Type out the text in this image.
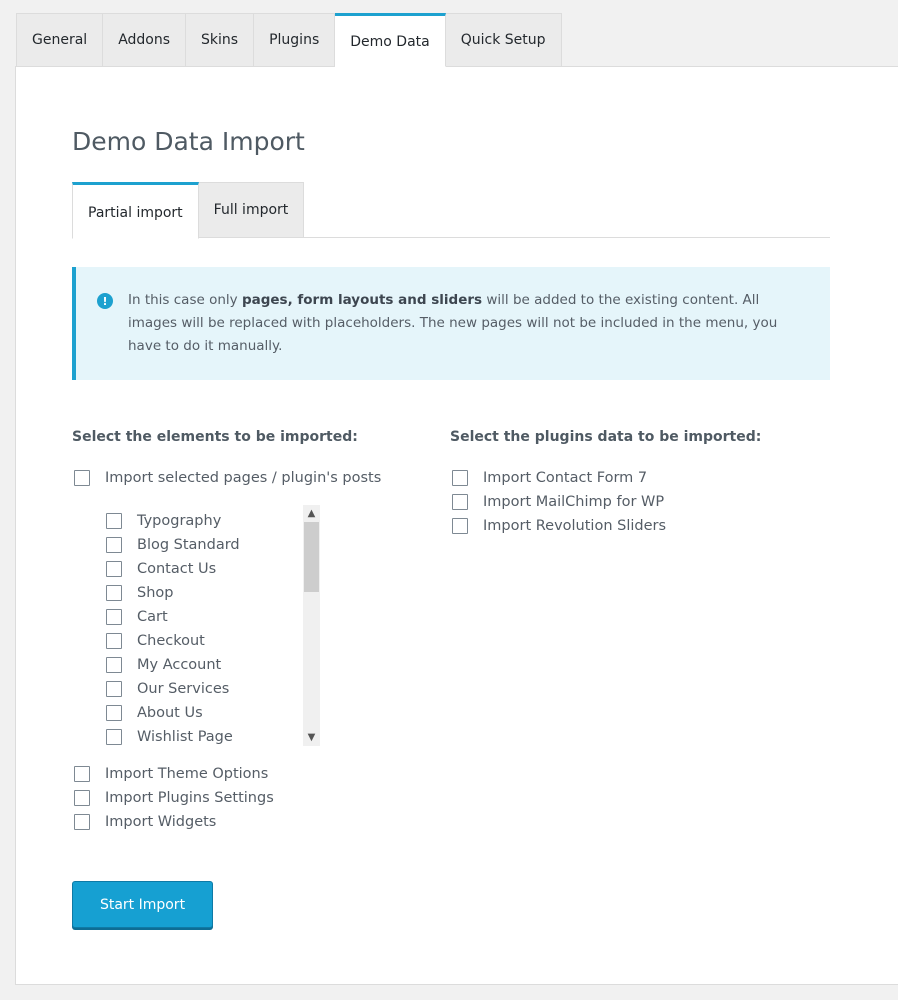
General	Addons	Skins	Plugins	Demo Data	Quick Setup
Demo Data Import
Partial import	Full import
!	In this case only pages, form layouts and sliders will be added to the existing content. All images will be replaced with placeholders. The new pages will not be included in the menu, you have to do it manually.
Select the elements to be imported:	Select the plugins data to be imported:
Import selected pages / plugin's posts
Typography
Blog Standard
Contact Us
Shop
Cart
Checkout
My Account
Our Services
About Us
Wishlist Page
▲
▼
Import Theme Options
Import Plugins Settings
Import Widgets
Import Contact Form 7
Import MailChimp for WP
Import Revolution Sliders
Start Import
